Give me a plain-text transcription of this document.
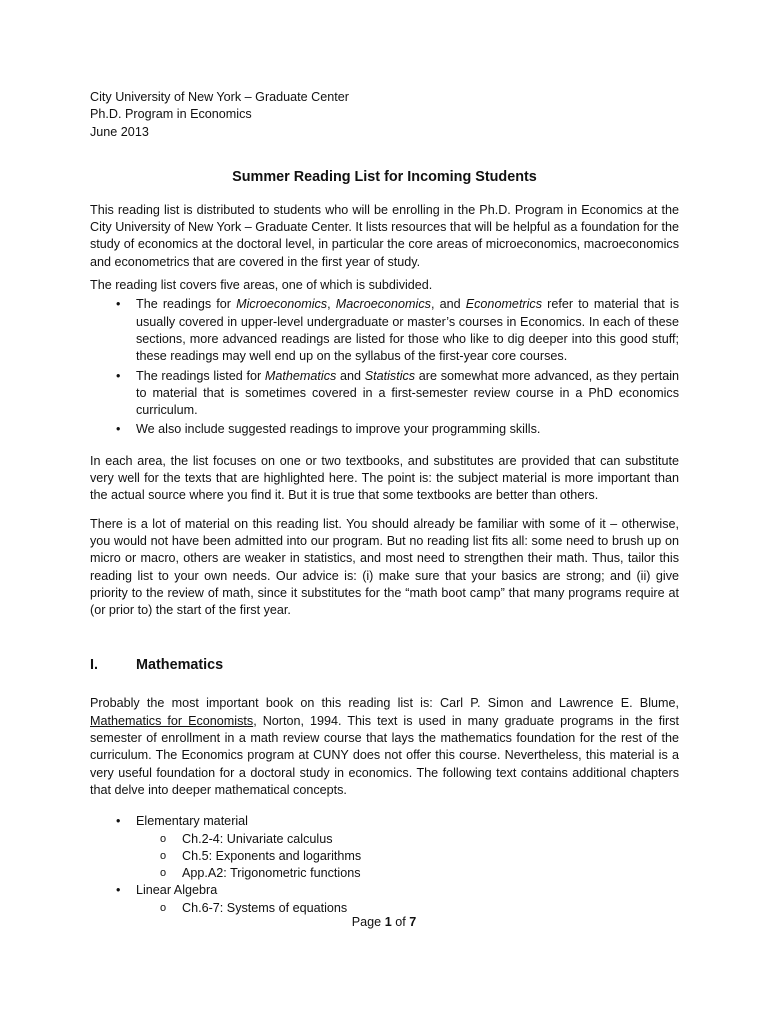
City University of New York – Graduate Center
Ph.D. Program in Economics
June 2013
Summer Reading List for Incoming Students

This reading list is distributed to students who will be enrolling in the Ph.D. Program in Economics at the City University of New York – Graduate Center. It lists resources that will be helpful as a foundation for the study of economics at the doctoral level, in particular the core areas of microeconomics, macroeconomics and econometrics that are covered in the first year of study.

The reading list covers five areas, one of which is subdivided.

• The readings for Microeconomics, Macroeconomics, and Econometrics refer to material that is usually covered in upper-level undergraduate or master’s courses in Economics. In each of these sections, more advanced readings are listed for those who like to dig deeper into this good stuff; these readings may well end up on the syllabus of the first-year core courses.
• The readings listed for Mathematics and Statistics are somewhat more advanced, as they pertain to material that is sometimes covered in a first-semester review course in a PhD economics curriculum.
• We also include suggested readings to improve your programming skills.

In each area, the list focuses on one or two textbooks, and substitutes are provided that can substitute very well for the texts that are highlighted here. The point is: the subject material is more important than the actual source where you find it. But it is true that some textbooks are better than others.

There is a lot of material on this reading list. You should already be familiar with some of it – otherwise, you would not have been admitted into our program. But no reading list fits all: some need to brush up on micro or macro, others are weaker in statistics, and most need to strengthen their math. Thus, tailor this reading list to your own needs. Our advice is: (i) make sure that your basics are strong; and (ii) give priority to the review of math, since it substitutes for the “math boot camp” that many programs require at (or prior to) the start of the first year.

I.	Mathematics

Probably the most important book on this reading list is: Carl P. Simon and Lawrence E. Blume, Mathematics for Economists, Norton, 1994. This text is used in many graduate programs in the first semester of enrollment in a math review course that lays the mathematics foundation for the rest of the curriculum. The Economics program at CUNY does not offer this course. Nevertheless, this material is a very useful foundation for a doctoral study in economics. The following text contains additional chapters that delve into deeper mathematical concepts.

• Elementary material
o Ch.2-4: Univariate calculus
o Ch.5: Exponents and logarithms
o App.A2: Trigonometric functions
• Linear Algebra
o Ch.6-7: Systems of equations
Page 1 of 7
